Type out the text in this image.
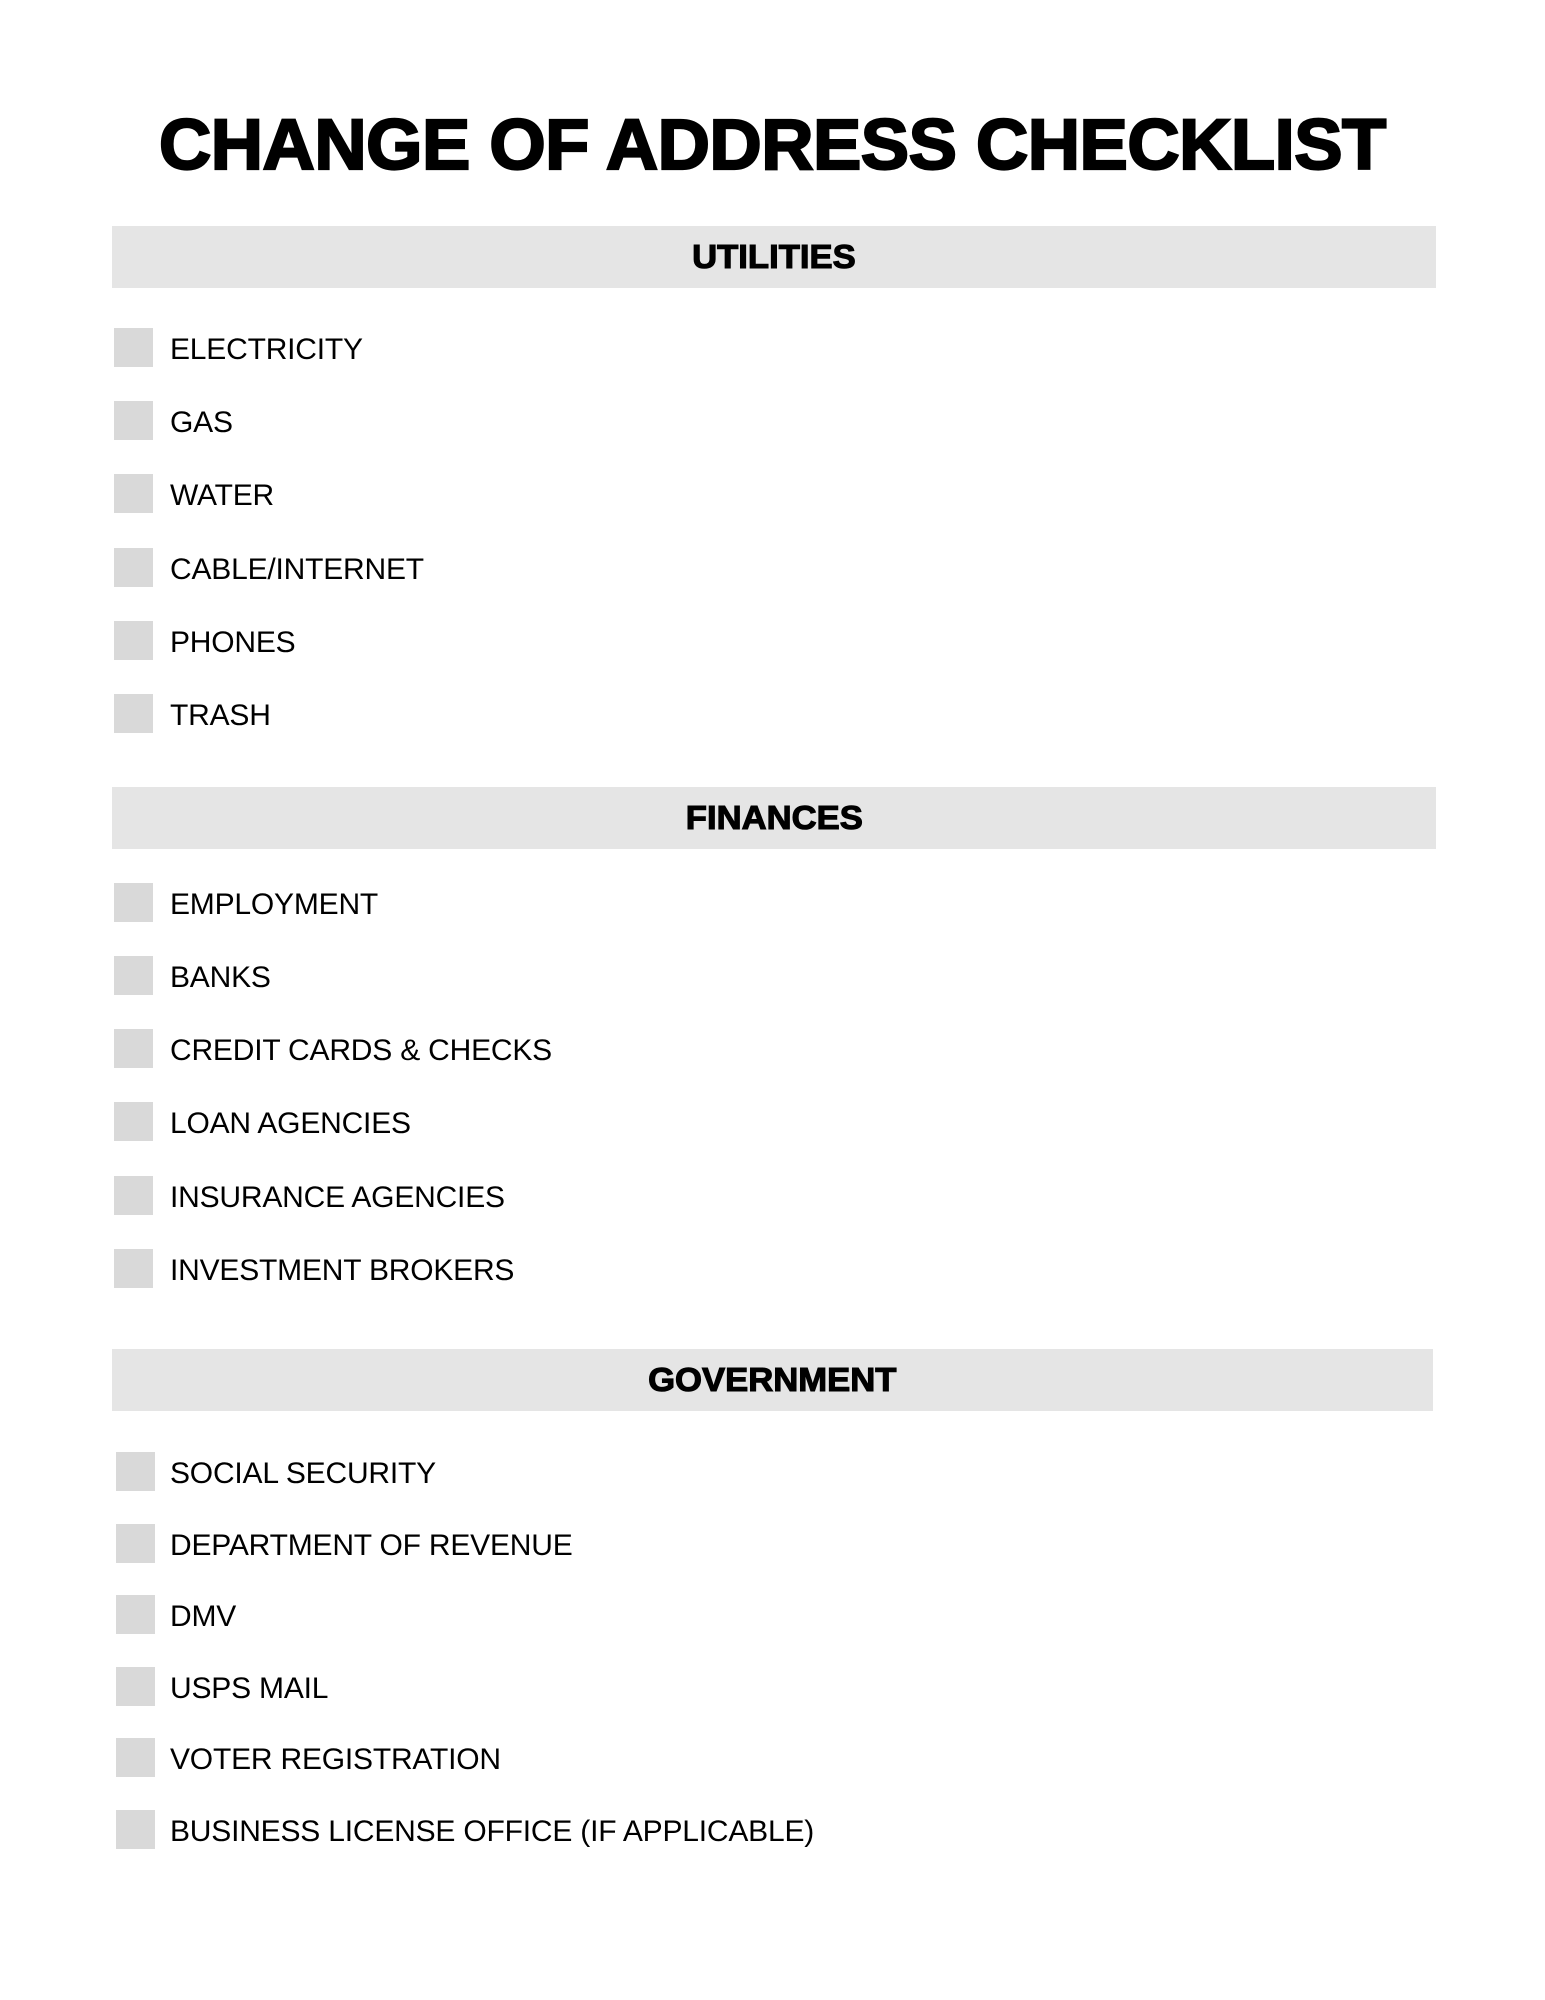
CHANGE OF ADDRESS CHECKLIST
UTILITIES
ELECTRICITY
GAS
WATER
CABLE/INTERNET
PHONES
TRASH
FINANCES
EMPLOYMENT
BANKS
CREDIT CARDS & CHECKS
LOAN AGENCIES
INSURANCE AGENCIES
INVESTMENT BROKERS
GOVERNMENT
SOCIAL SECURITY
DEPARTMENT OF REVENUE
DMV
USPS MAIL
VOTER REGISTRATION
BUSINESS LICENSE OFFICE (IF APPLICABLE)
